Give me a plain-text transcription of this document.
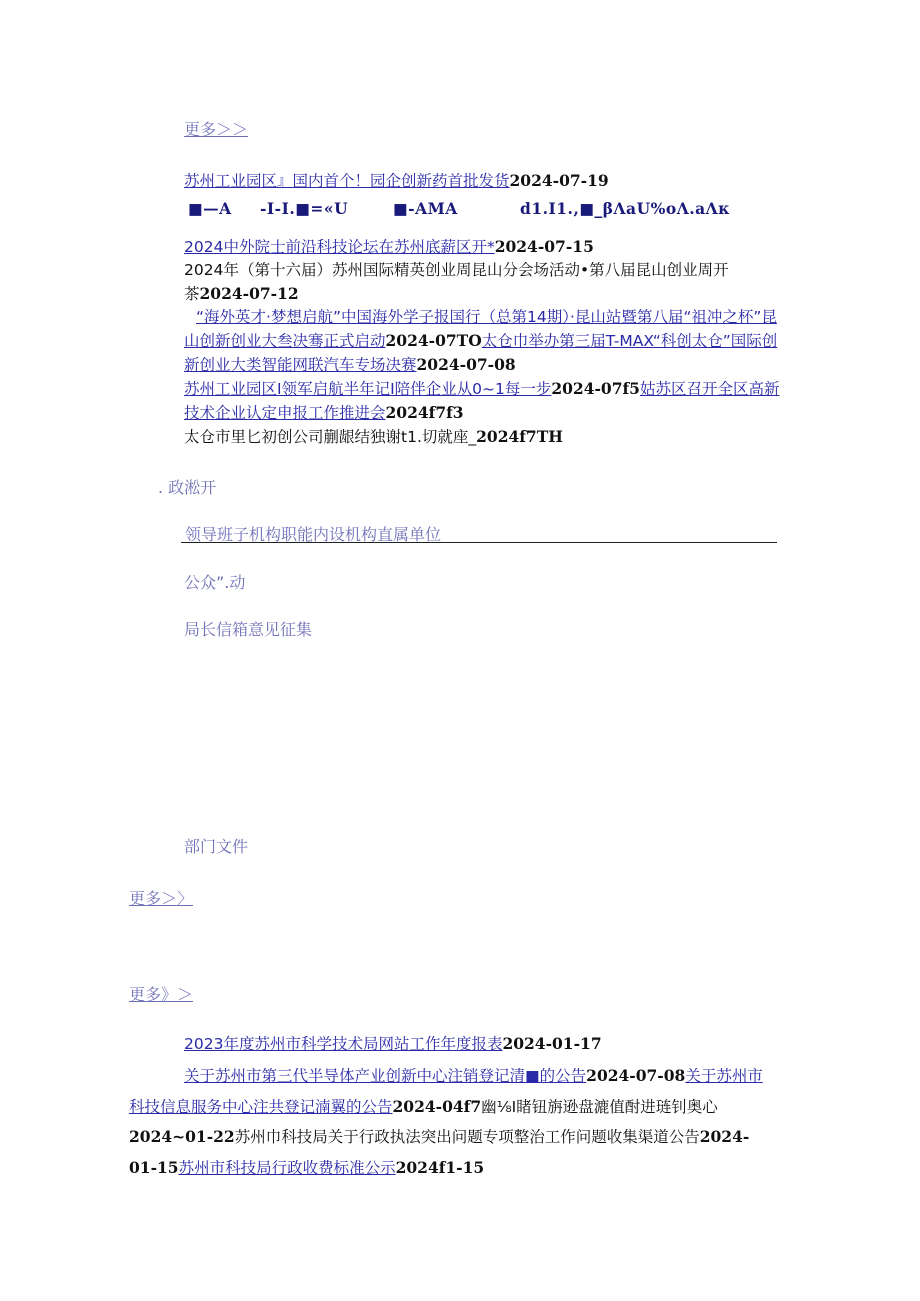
更多＞＞
苏州工业园区』国内首个！园企创新药首批发货2024-07-19
■—A -I-I.■=«U	■-AMA	d1.I1.,■_βΛaU%oΛ.aΛκ
2024中外院士前沿科技论坛在苏州底薪区开*2024-07-15
2024年（第十六届）苏州国际精英创业周昆山分会场活动•第八届昆山创业周开
茶2024-07-12
“海外英才·梦想启航”中国海外学子报国行（总第14期）·昆山站暨第八届“祖冲之杯”昆山创新创业大叁决骞正式启动2024-07TO太仓巾举办第三届T-MAX“科创太仓”国际创新创业大类智能网联汽车专场决赛2024-07-08
苏州工业园区I领军启航半年记I陪伴企业从0~1每一步2024-07f5姑苏区召开全区高新技术企业认定申报工作推进会2024f7f3
太仓市里匕初创公司蒯龈结独谢t1.切就座_2024f7TH
. 政淞开
领导班子机构职能内设机构直属单位
公众”.动
局长信箱意见征集
部门文件
更多＞〉
更多》＞
2023年度苏州市科学技术局网站工作年度报表2024-01-17
关于苏州市第三代半导体产业创新中心注销登记清■的公告2024-07-08关于苏州市科技信息服务中心注共登记湳翼的公告2024-04f7幽⅛I睹钮旃逊盘漉值酎进琏钊奥心2024~01-22苏州巾科技局关于行政执法突出问题专项整治工作问题收集渠道公告2024-01-15苏州市科技局行政收费标准公示2024f1-15
